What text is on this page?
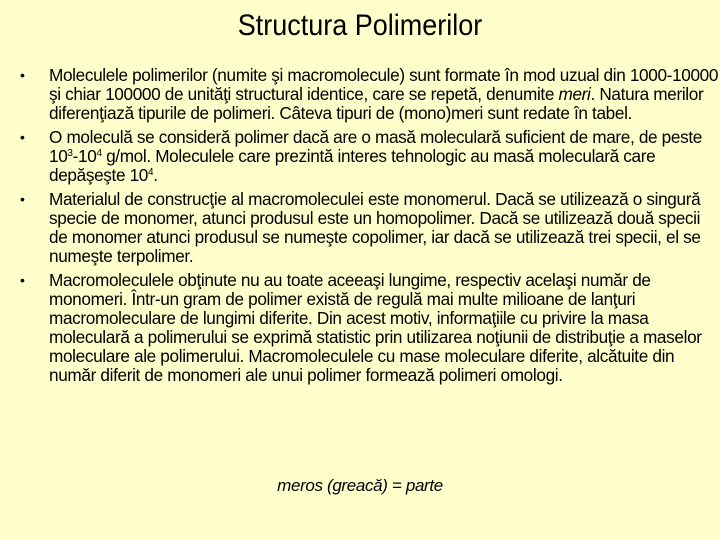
Structura Polimerilor
• Moleculele polimerilor (numite şi macromolecule) sunt formate în mod uzual din 1000-10000 şi chiar 100000 de unităţi structural identice, care se repetă, denumite meri. Natura merilor diferenţiază tipurile de polimeri. Câteva tipuri de (mono)meri sunt redate în tabel.
• O moleculă se consideră polimer dacă are o masă moleculară suficient de mare, de peste $10^3-10^4$ g/mol. Moleculele care prezintă interes tehnologic au masă moleculară care depăşeşte $10^4$.
• Materialul de construcţie al macromoleculei este monomerul. Dacă se utilizează o singură specie de monomer, atunci produsul este un homopolimer. Dacă se utilizează două specii de monomer atunci produsul se numeşte copolimer, iar dacă se utilizează trei specii, el se numeşte terpolimer.
• Macromoleculele obţinute nu au toate aceeaşi lungime, respectiv acelaşi număr de monomeri. Într-un gram de polimer există de regulă mai multe milioane de lanţuri macromoleculare de lungimi diferite. Din acest motiv, informaţiile cu privire la masa moleculară a polimerului se exprimă statistic prin utilizarea noţiunii de distribuţie a maselor moleculare ale polimerului. Macromoleculele cu mase moleculare diferite, alcătuite din număr diferit de monomeri ale unui polimer formează polimeri omologi.
meros (greacă) = parte
